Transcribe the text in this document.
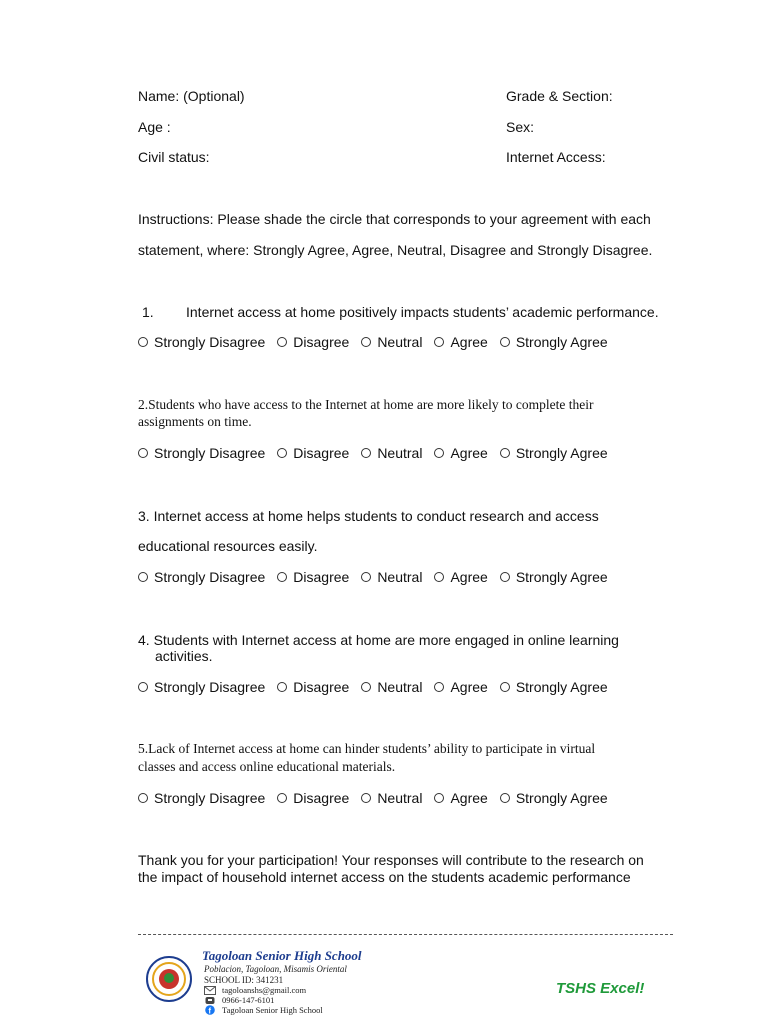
Name: (Optional)	Grade & Section:
Age :	Sex:
Civil status:	Internet Access:
Instructions: Please shade the circle that corresponds to your agreement with each
statement, where: Strongly Agree, Agree, Neutral, Disagree and Strongly Disagree.
1. Internet access at home positively impacts students’ academic performance.
Strongly Disagree Disagree Neutral Agree Strongly Agree
2.Students who have access to the Internet at home are more likely to complete their
assignments on time.
Strongly Disagree Disagree Neutral Agree Strongly Agree
3. Internet access at home helps students to conduct research and access
educational resources easily.
Strongly Disagree Disagree Neutral Agree Strongly Agree
4. Students with Internet access at home are more engaged in online learning
activities.
Strongly Disagree Disagree Neutral Agree Strongly Agree
5.Lack of Internet access at home can hinder students’ ability to participate in virtual
classes and access online educational materials.
Strongly Disagree Disagree Neutral Agree Strongly Agree
Thank you for your participation! Your responses will contribute to the research on
the impact of household internet access on the students academic performance
Tagoloan Senior High School
Poblacion, Tagoloan, Misamis Oriental
SCHOOL ID: 341231
tagoloanshs@gmail.com
0966-147-6101
f Tagoloan Senior High School
TSHS Excel!
